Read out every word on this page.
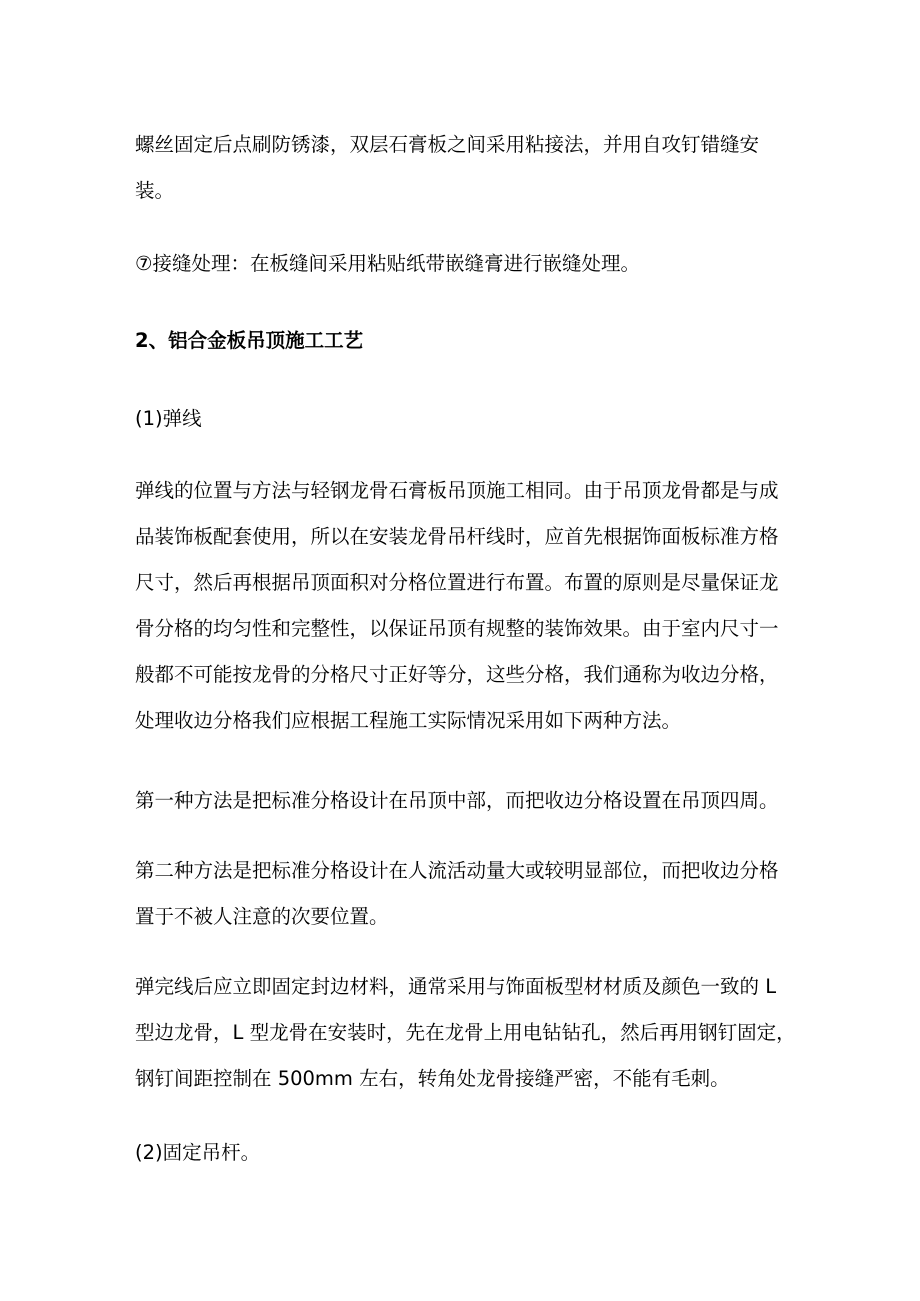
螺丝固定后点刷防锈漆，双层石膏板之间采用粘接法，并用自攻钉错缝安
装。
⑦接缝处理：在板缝间采用粘贴纸带嵌缝膏进行嵌缝处理。
2、铝合金板吊顶施工工艺
(1)弹线
弹线的位置与方法与轻钢龙骨石膏板吊顶施工相同。由于吊顶龙骨都是与成
品装饰板配套使用，所以在安装龙骨吊杆线时，应首先根据饰面板标准方格
尺寸，然后再根据吊顶面积对分格位置进行布置。布置的原则是尽量保证龙
骨分格的均匀性和完整性，以保证吊顶有规整的装饰效果。由于室内尺寸一
般都不可能按龙骨的分格尺寸正好等分，这些分格，我们通称为收边分格，
处理收边分格我们应根据工程施工实际情况采用如下两种方法。
第一种方法是把标准分格设计在吊顶中部，而把收边分格设置在吊顶四周。
第二种方法是把标准分格设计在人流活动量大或较明显部位，而把收边分格
置于不被人注意的次要位置。
弹完线后应立即固定封边材料，通常采用与饰面板型材材质及颜色一致的 L
型边龙骨，L 型龙骨在安装时，先在龙骨上用电钻钻孔，然后再用钢钉固定，
钢钉间距控制在 500mm 左右，转角处龙骨接缝严密，不能有毛刺。
(2)固定吊杆。
